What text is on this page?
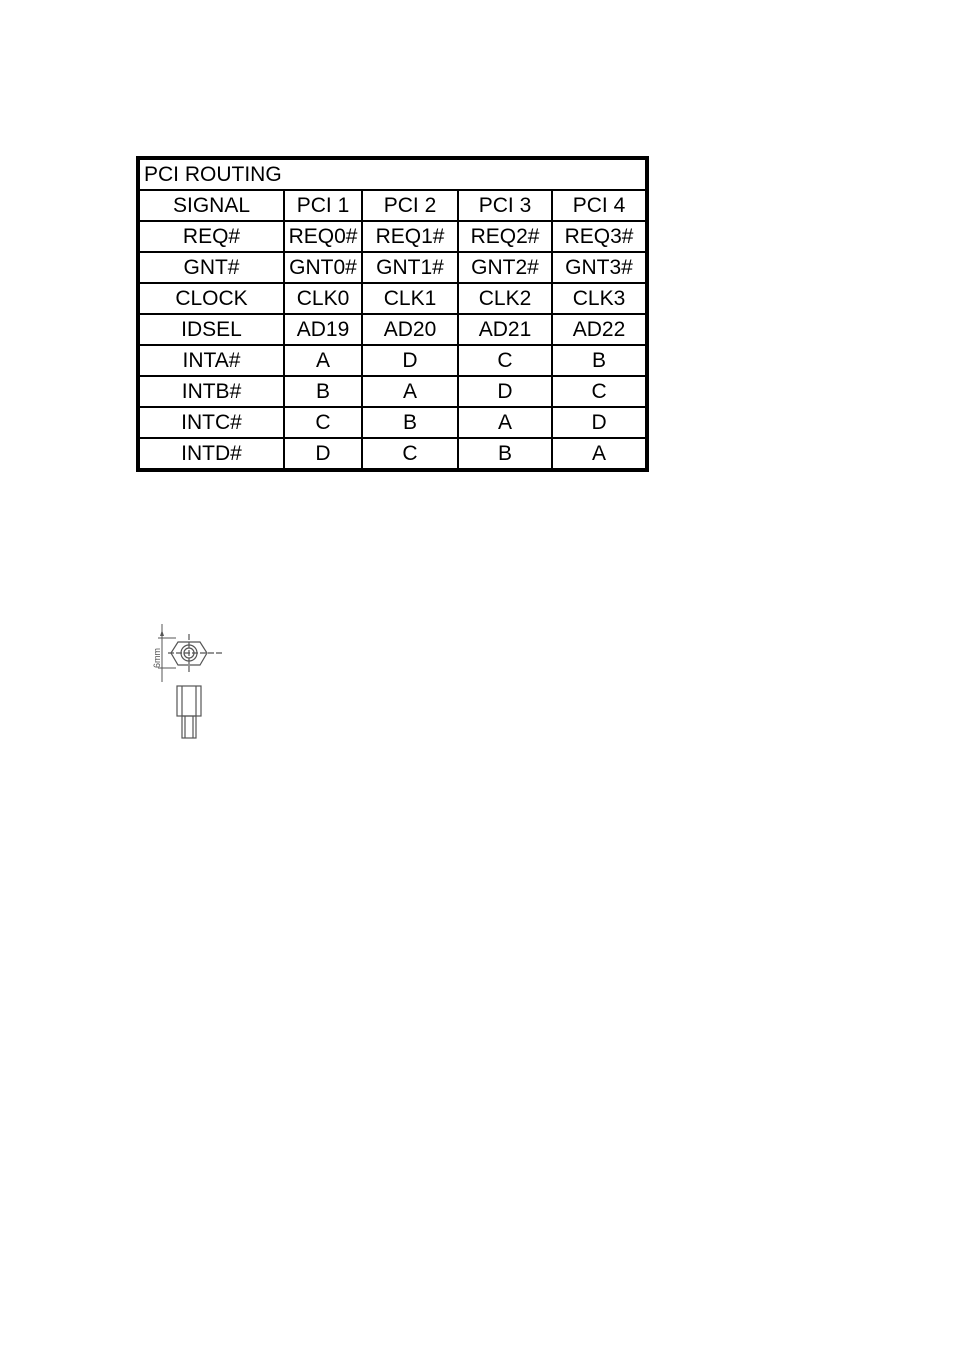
PCI ROUTING				
SIGNAL	PCI 1	PCI 2	PCI 3	PCI 4
REQ#	REQ0#	REQ1#	REQ2#	REQ3#
GNT#	GNT0#	GNT1#	GNT2#	GNT3#
CLOCK	CLK0	CLK1	CLK2	CLK3
IDSEL	AD19	AD20	AD21	AD22
INTA#	A	D	C	B
INTB#	B	A	D	C
INTC#	C	B	A	D
INTD#	D	C	B	A
6mm
